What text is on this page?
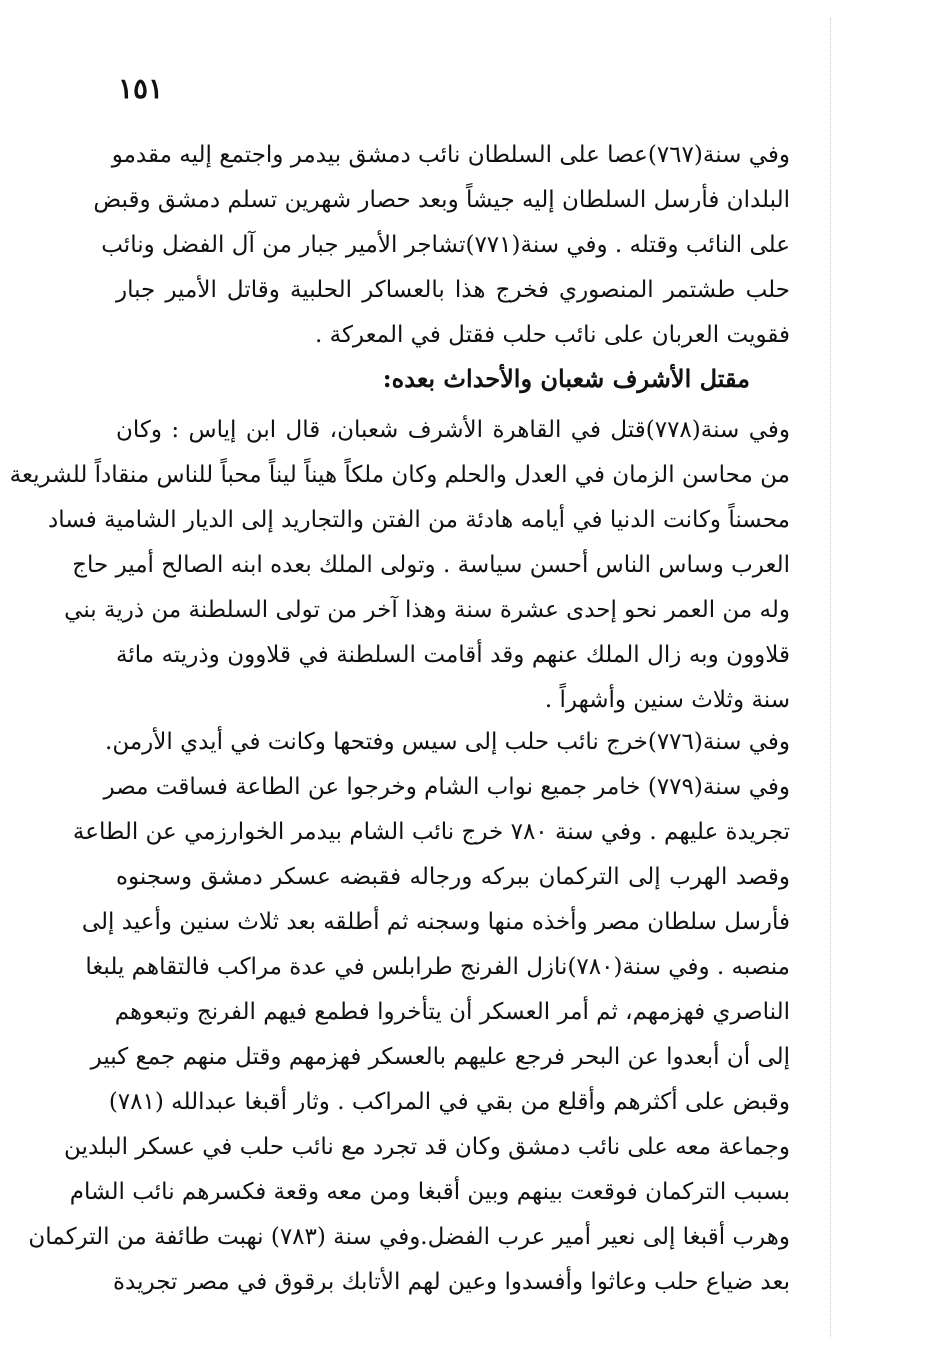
١٥١
وفي سنة(٧٦٧)عصا على السلطان نائب دمشق بيدمر واجتمع إليه مقدمو
البلدان فأرسل السلطان إليه جيشاً وبعد حصار شهرين تسلم دمشق وقبض
على النائب وقتله . وفي سنة(٧٧١)تشاجر الأمير جبار من آل الفضل ونائب
حلب طشتمر المنصوري فخرج هذا بالعساكر الحلبية وقاتل الأمير جبار
فقويت العربان على نائب حلب فقتل في المعركة .
مقتل الأشرف شعبان والأحداث بعده:
وفي سنة(٧٧٨)قتل في القاهرة الأشرف شعبان، قال ابن إياس : وكان
من محاسن الزمان في العدل والحلم وكان ملكاً هيناً ليناً محباً للناس منقاداً للشريعة
محسناً وكانت الدنيا في أيامه هادئة من الفتن والتجاريد إلى الديار الشامية فساد
العرب وساس الناس أحسن سياسة . وتولى الملك بعده ابنه الصالح أمير حاج
وله من العمر نحو إحدى عشرة سنة وهذا آخر من تولى السلطنة من ذرية بني
قلاوون وبه زال الملك عنهم وقد أقامت السلطنة في قلاوون وذريته مائة
سنة وثلاث سنين وأشهراً .
وفي سنة(٧٧٦)خرج نائب حلب إلى سيس وفتحها وكانت في أيدي الأرمن.
وفي سنة(٧٧٩) خامر جميع نواب الشام وخرجوا عن الطاعة فساقت مصر
تجريدة عليهم . وفي سنة ٧٨٠ خرج نائب الشام بيدمر الخوارزمي عن الطاعة
وقصد الهرب إلى التركمان ببركه ورجاله فقبضه عسكر دمشق وسجنوه
فأرسل سلطان مصر وأخذه منها وسجنه ثم أطلقه بعد ثلاث سنين وأعيد إلى
منصبه . وفي سنة(٧٨٠)نازل الفرنج طرابلس في عدة مراكب فالتقاهم يلبغا
الناصري فهزمهم، ثم أمر العسكر أن يتأخروا فطمع فيهم الفرنج وتبعوهم
إلى أن أبعدوا عن البحر فرجع عليهم بالعسكر فهزمهم وقتل منهم جمع كبير
وقبض على أكثرهم وأقلع من بقي في المراكب . وثار أقبغا عبدالله (٧٨١)
وجماعة معه على نائب دمشق وكان قد تجرد مع نائب حلب في عسكر البلدين
بسبب التركمان فوقعت بينهم وبين أقبغا ومن معه وقعة فكسرهم نائب الشام
وهرب أقبغا إلى نعير أمير عرب الفضل.وفي سنة (٧٨٣) نهبت طائفة من التركمان
بعد ضياع حلب وعاثوا وأفسدوا وعين لهم الأتابك برقوق في مصر تجريدة
